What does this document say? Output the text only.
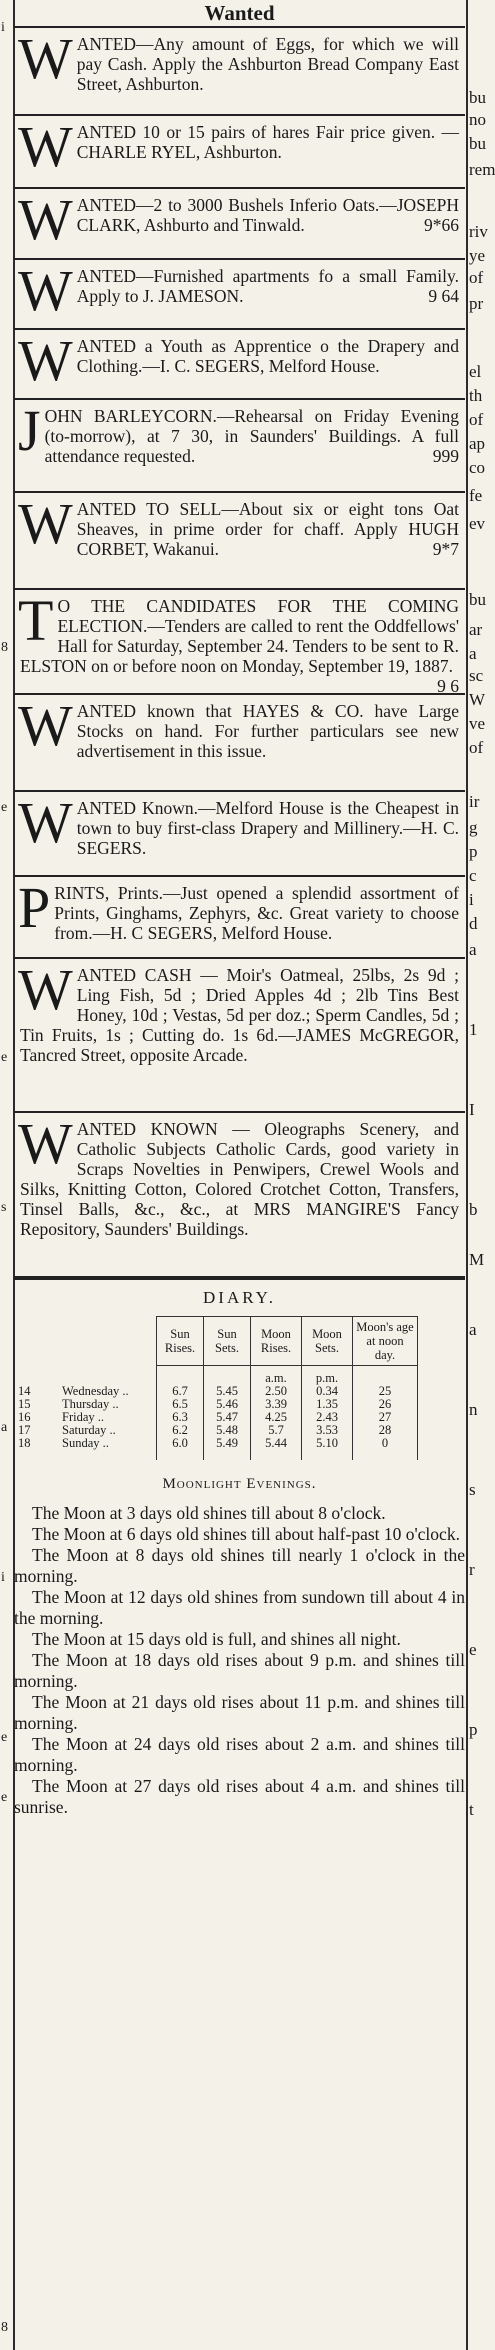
i
8
e
e
s
a
i
e
e
8
bu
no
bu
rem
riv
ye
of
pr
el
th
of
ap
co
fe
ev
bu
ar
a
sc
W
ve
of
ir
g
p
c
i
d
a
1
I
b
M
a
n
s
r
e
p
t
Wanted
WANTED—Any amount of Eggs, for which we will pay Cash. Apply the Ashburton Bread Company East Street, Ashburton.
WANTED 10 or 15 pairs of hares Fair price given. — CHARLE RYEL, Ashburton.
WANTED—2 to 3000 Bushels Inferio Oats.—JOSEPH CLARK, Ashburto and Tinwald.	9*66
WANTED—Furnished apartments fo a small Family. Apply to J. JAMESON.	9 64
WANTED a Youth as Apprentice o the Drapery and Clothing.—I. C. SEGERS, Melford House.
JOHN BARLEYCORN.—Rehearsal on Friday Evening (to-morrow), at 7 30, in Saunders' Buildings. A full attendance requested.	999
WANTED TO SELL—About six or eight tons Oat Sheaves, in prime order for chaff. Apply HUGH CORBET, Wakanui.	9*7
T O THE CANDIDATES FOR THE COMING ELECTION.—Tenders are called to rent the Oddfellows' Hall for Saturday, September 24. Tenders to be sent to R. ELSTON on or before noon on Monday, September 19, 1887.
9 6
WANTED known that HAYES & CO. have Large Stocks on hand. For further particulars see new advertisement in this issue.
WANTED Known.—Melford House is the Cheapest in town to buy first-class Drapery and Millinery.—H. C. SEGERS.
PRINTS, Prints.—Just opened a splendid assortment of Prints, Ginghams, Zephyrs, &c. Great variety to choose from.—H. C SEGERS, Melford House.
WANTED CASH — Moir's Oatmeal, 25lbs, 2s 9d ; Ling Fish, 5d ; Dried Apples 4d ; 2lb Tins Best Honey, 10d ; Vestas, 5d per doz.; Sperm Candles, 5d ; Tin Fruits, 1s ; Cutting do. 1s 6d.—JAMES McGREGOR, Tancred Street, opposite Arcade.
WANTED KNOWN — Oleographs Scenery, and Catholic Subjects Catholic Cards, good variety in Scraps Novelties in Penwipers, Crewel Wools and Silks, Knitting Cotton, Colored Crotchet Cotton, Transfers, Tinsel Balls, &c., &c., at MRS MANGIRE'S Fancy Repository, Saunders' Buildings.
DIARY.
		Sun Rises.	Sun Sets.	Moon Rises.	Moon Sets.	Moon's age at noon day.
				a.m.	p.m.	
14	Wednesday ..	6.7	5.45	2.50	0.34	25
15	Thursday ..	6.5	5.46	3.39	1.35	26
16	Friday ..	6.3	5.47	4.25	2.43	27
17	Saturday ..	6.2	5.48	5.7	3.53	28
18	Sunday ..	6.0	5.49	5.44	5.10	0
Moonlight Evenings.

The Moon at 3 days old shines till about 8 o'clock.

The Moon at 6 days old shines till about half-past 10 o'clock.

The Moon at 8 days old shines till nearly 1 o'clock in the morning.

The Moon at 12 days old shines from sundown till about 4 in the morning.

The Moon at 15 days old is full, and shines all night.

The Moon at 18 days old rises about 9 p.m. and shines till morning.

The Moon at 21 days old rises about 11 p.m. and shines till morning.

The Moon at 24 days old rises about 2 a.m. and shines till morning.

The Moon at 27 days old rises about 4 a.m. and shines till sunrise.
